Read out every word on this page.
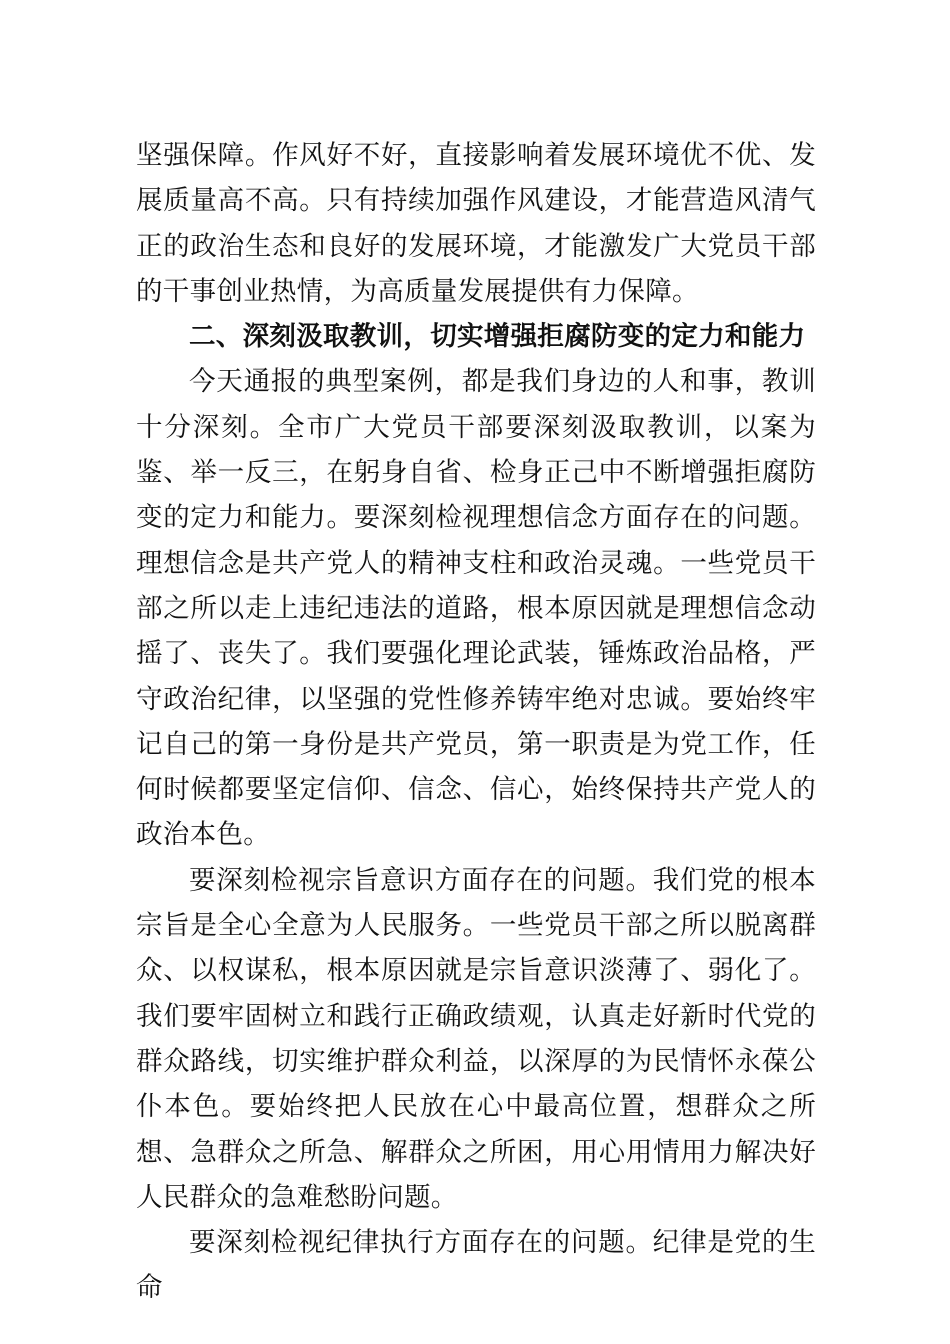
坚强保障。作风好不好，直接影响着发展环境优不优、发展质量高不高。只有持续加强作风建设，才能营造风清气正的政治生态和良好的发展环境，才能激发广大党员干部的干事创业热情，为高质量发展提供有力保障。

二、深刻汲取教训，切实增强拒腐防变的定力和能力

今天通报的典型案例，都是我们身边的人和事，教训十分深刻。全市广大党员干部要深刻汲取教训，以案为鉴、举一反三，在躬身自省、检身正己中不断增强拒腐防变的定力和能力。要深刻检视理想信念方面存在的问题。理想信念是共产党人的精神支柱和政治灵魂。一些党员干部之所以走上违纪违法的道路，根本原因就是理想信念动摇了、丧失了。我们要强化理论武装，锤炼政治品格，严守政治纪律，以坚强的党性修养铸牢绝对忠诚。要始终牢记自己的第一身份是共产党员，第一职责是为党工作，任何时候都要坚定信仰、信念、信心，始终保持共产党人的政治本色。

要深刻检视宗旨意识方面存在的问题。我们党的根本宗旨是全心全意为人民服务。一些党员干部之所以脱离群众、以权谋私，根本原因就是宗旨意识淡薄了、弱化了。我们要牢固树立和践行正确政绩观，认真走好新时代党的群众路线，切实维护群众利益，以深厚的为民情怀永葆公仆本色。要始终把人民放在心中最高位置，想群众之所想、急群众之所急、解群众之所困，用心用情用力解决好人民群众的急难愁盼问题。

要深刻检视纪律执行方面存在的问题。纪律是党的生命
